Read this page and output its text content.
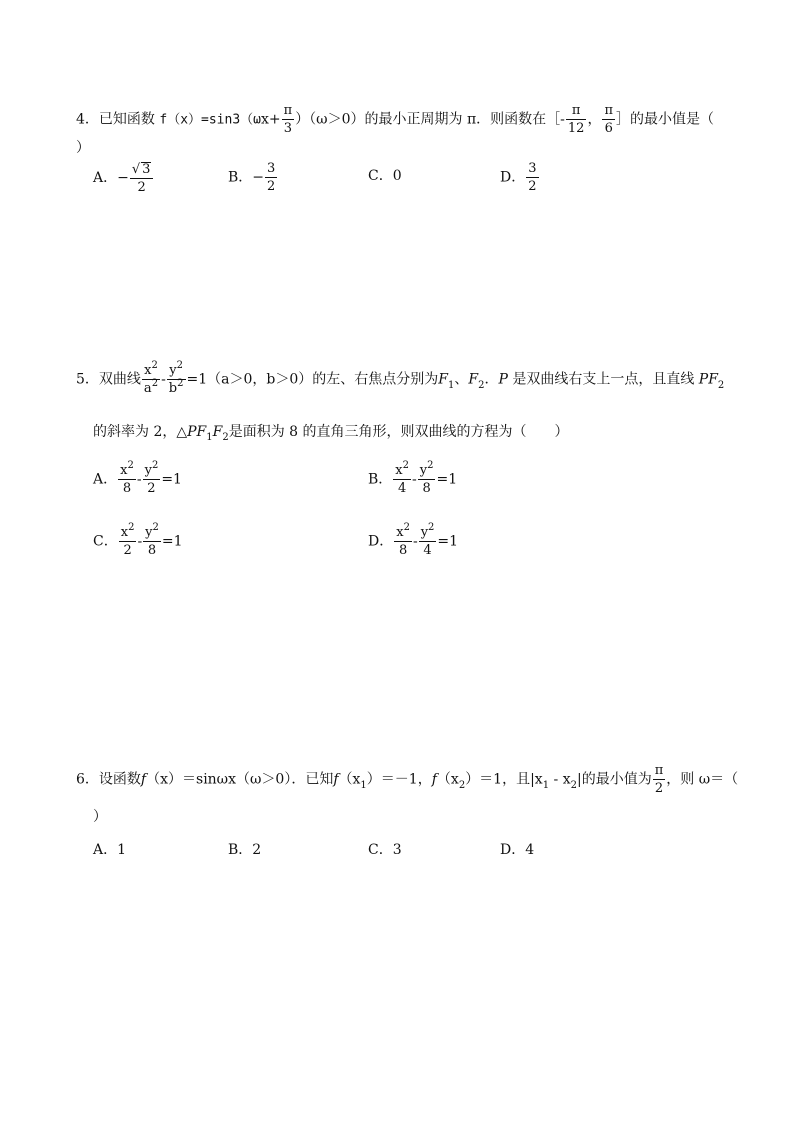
4．已知函数 $f(x)=\sin 3(\omega x+ \frac{\pi}{3} )(\omega>0)$的最小正周期为 π．则函数在［- $\frac{\pi}{12}$ ， $\frac{\pi}{6}$ ］的最小值是（
）
A．− $\frac{√ 3}{2}$	B．− $\frac{3}{2}$	C．0	D． $\frac{3}{2}$
5．双曲线 $\frac{x^2}{a^2} - \frac{y^2}{b^2} =1(a>0$，b＞0）的左、右焦点分别为$F_1$、$F_2$．P 是双曲线右支上一点，且直线 $PF_2$
的斜率为 2，$\triangle PF_1F_2$是面积为 8 的直角三角形，则双曲线的方程为（　　）
A． $\frac{x^2}{8} - \frac{y^2}{2} =1$	B． $\frac{x^2}{4} - \frac{y^2}{8} =1$
C． $\frac{x^2}{2} - \frac{y^2}{8} =1$	D． $\frac{x^2}{8} - \frac{y^2}{4} =1$
6．设函数f（x）＝sinωx（ω＞0）．已知$f(x_1)=-1$，$f(x_2)=1$，且$|x_1 - x_2|$的最小值为 $\frac{\pi}{2}$ ，则 ω＝（
）
A．1	B．2	C．3	D．4
